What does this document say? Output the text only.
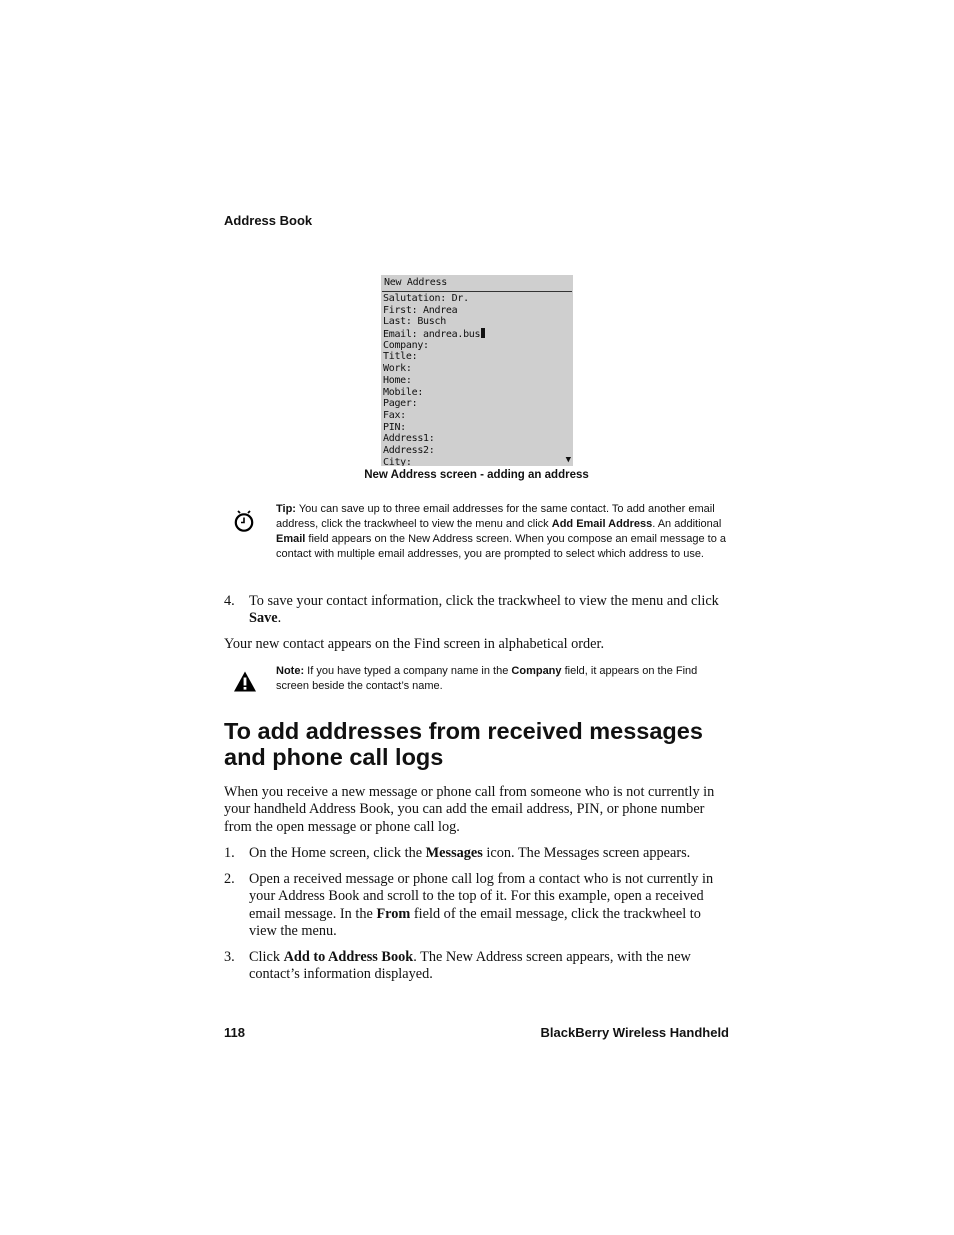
Address Book
New Address
Salutation: Dr.
First: Andrea
Last: Busch
Email: andrea.bus
Company:
Title:
Work:
Home:
Mobile:
Pager:
Fax:
PIN:
Address1:
Address2:
City:	▼
New Address screen - adding an address
Tip: You can save up to three email addresses for the same contact. To add another email address, click the trackwheel to view the menu and click Add Email Address. An additional Email field appears on the New Address screen. When you compose an email message to a contact with multiple email addresses, you are prompted to select which address to use.
4. To save your contact information, click the trackwheel to view the menu and click Save.
Your new contact appears on the Find screen in alphabetical order.
Note: If you have typed a company name in the Company field, it appears on the Find screen beside the contact’s name.
To add addresses from received messages and phone call logs
When you receive a new message or phone call from someone who is not currently in your handheld Address Book, you can add the email address, PIN, or phone number from the open message or phone call log.
1. On the Home screen, click the Messages icon. The Messages screen appears.
2. Open a received message or phone call log from a contact who is not currently in your Address Book and scroll to the top of it. For this example, open a received email message. In the From field of the email message, click the trackwheel to view the menu.
3. Click Add to Address Book. The New Address screen appears, with the new contact’s information displayed.
118	BlackBerry Wireless Handheld
